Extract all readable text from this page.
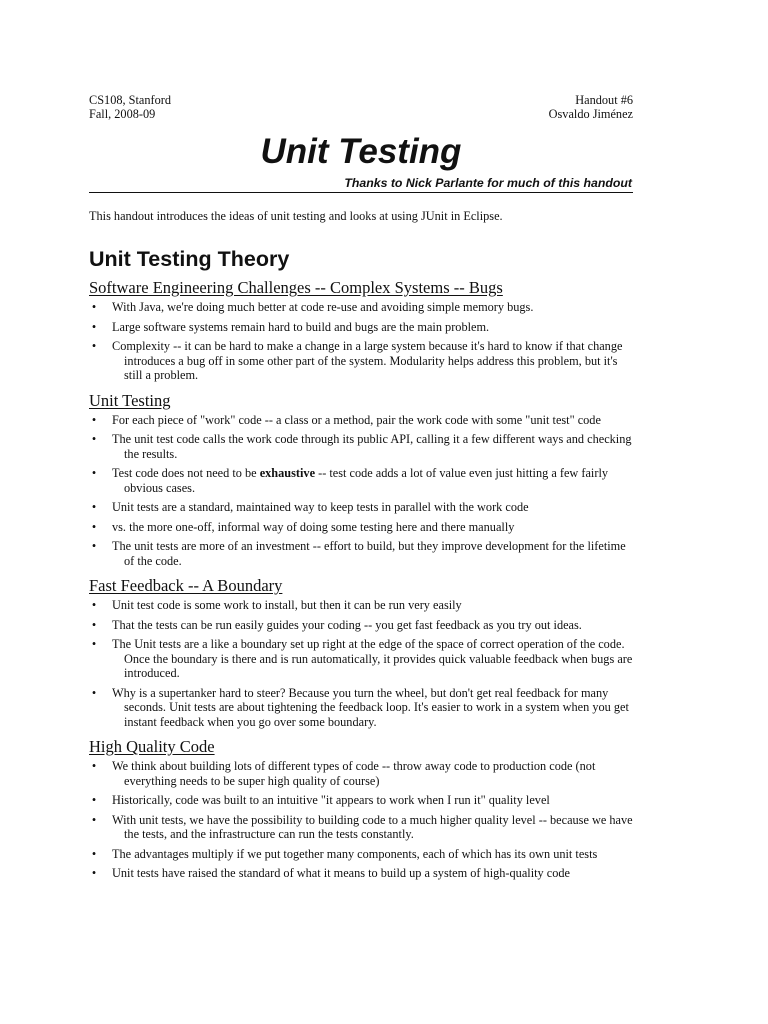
CS108, Stanford
Fall, 2008-09
Handout #6
Osvaldo Jiménez
Unit Testing
Thanks to Nick Parlante for much of this handout
This handout introduces the ideas of unit testing and looks at using JUnit in Eclipse.
Unit Testing Theory
Software Engineering Challenges -- Complex Systems -- Bugs
• With Java, we're doing much better at code re-use and avoiding simple memory bugs.
• Large software systems remain hard to build and bugs are the main problem.
• Complexity -- it can be hard to make a change in a large system because it's hard to know if that change introduces a bug off in some other part of the system. Modularity helps address this problem, but it's still a problem.
Unit Testing
• For each piece of "work" code -- a class or a method, pair the work code with some "unit test" code
• The unit test code calls the work code through its public API, calling it a few different ways and checking the results.
• Test code does not need to be exhaustive -- test code adds a lot of value even just hitting a few fairly obvious cases.
• Unit tests are a standard, maintained way to keep tests in parallel with the work code
• vs. the more one-off, informal way of doing some testing here and there manually
• The unit tests are more of an investment -- effort to build, but they improve development for the lifetime of the code.
Fast Feedback -- A Boundary
• Unit test code is some work to install, but then it can be run very easily
• That the tests can be run easily guides your coding -- you get fast feedback as you try out ideas.
• The Unit tests are a like a boundary set up right at the edge of the space of correct operation of the code. Once the boundary is there and is run automatically, it provides quick valuable feedback when bugs are introduced.
• Why is a supertanker hard to steer? Because you turn the wheel, but don't get real feedback for many seconds. Unit tests are about tightening the feedback loop. It's easier to work in a system when you get instant feedback when you go over some boundary.
High Quality Code
• We think about building lots of different types of code -- throw away code to production code (not everything needs to be super high quality of course)
• Historically, code was built to an intuitive "it appears to work when I run it" quality level
• With unit tests, we have the possibility to building code to a much higher quality level -- because we have the tests, and the infrastructure can run the tests constantly.
• The advantages multiply if we put together many components, each of which has its own unit tests
• Unit tests have raised the standard of what it means to build up a system of high-quality code
